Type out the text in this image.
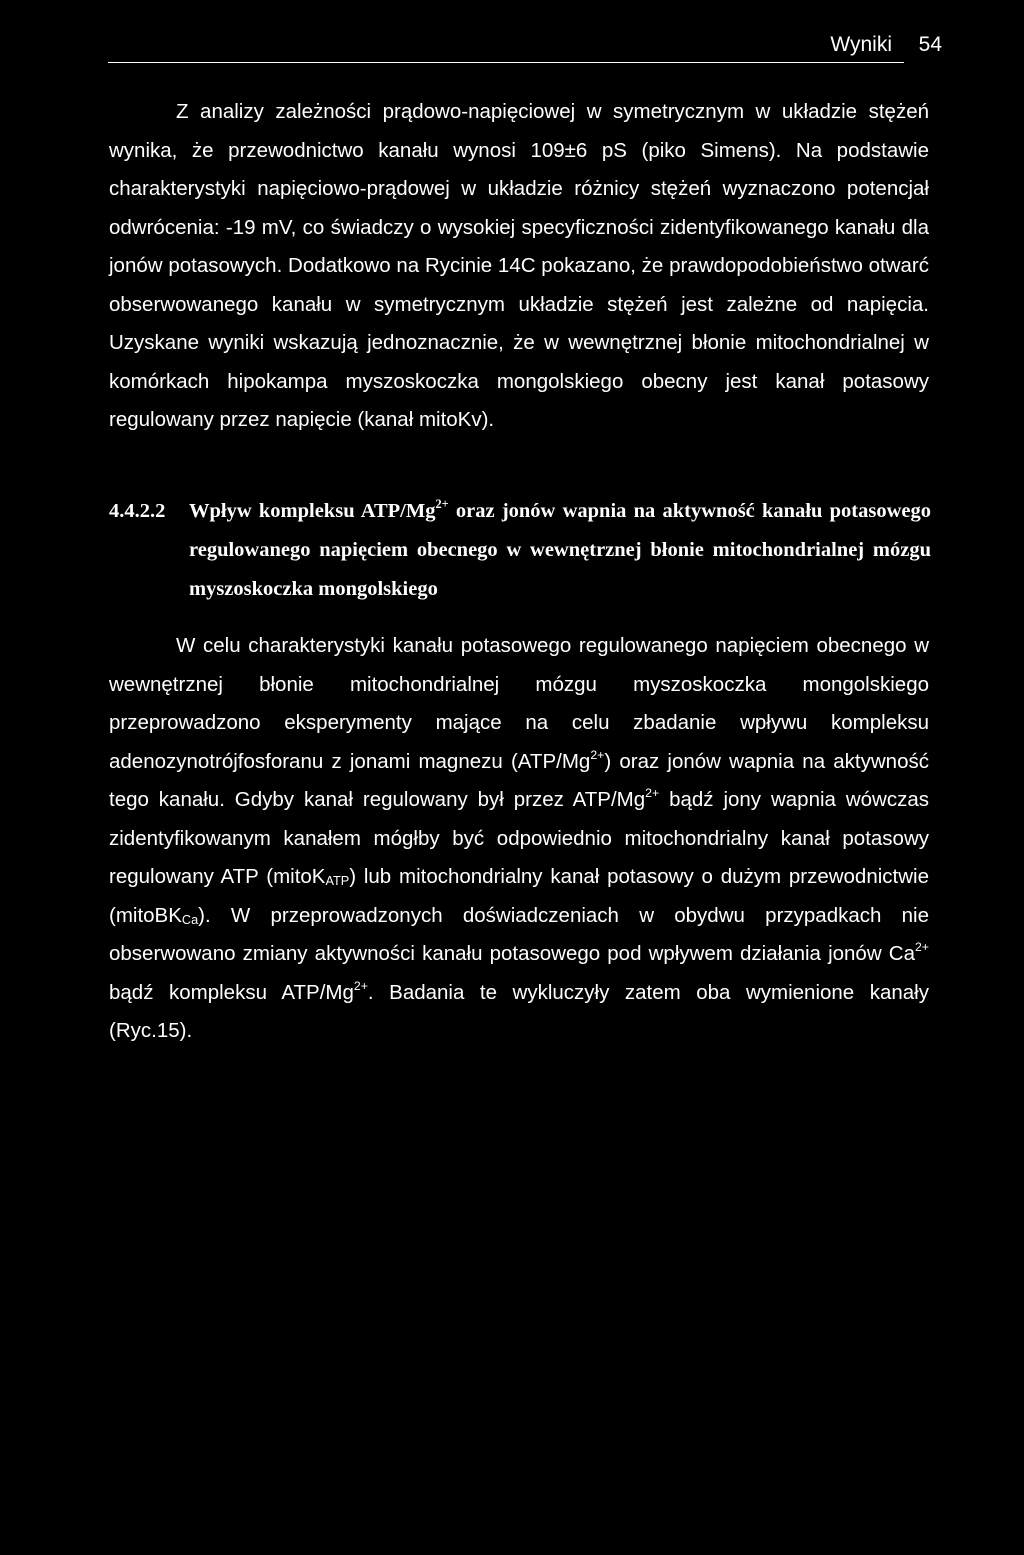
Wyniki 54

Z analizy zależności prądowo-napięciowej w symetrycznym w układzie stężeń wynika, że przewodnictwo kanału wynosi 109±6 pS (piko Simens). Na podstawie charakterystyki napięciowo-prądowej w układzie różnicy stężeń wyznaczono potencjał odwrócenia: -19 mV, co świadczy o wysokiej specyficzności zidentyfikowanego kanału dla jonów potasowych. Dodatkowo na Rycinie 14C pokazano, że prawdopodobieństwo otwarć obserwowanego kanału w symetrycznym układzie stężeń jest zależne od napięcia. Uzyskane wyniki wskazują jednoznacznie, że w wewnętrznej błonie mitochondrialnej w komórkach hipokampa myszoskoczka mongolskiego obecny jest kanał potasowy regulowany przez napięcie (kanał mitoKv).

4.4.2.2 Wpływ kompleksu ATP/$Mg^{2+}$ oraz jonów wapnia na aktywność kanału potasowego regulowanego napięciem obecnego w wewnętrznej błonie mitochondrialnej mózgu myszoskoczka mongolskiego

W celu charakterystyki kanału potasowego regulowanego napięciem obecnego w wewnętrznej błonie mitochondrialnej mózgu myszoskoczka mongolskiego przeprowadzono eksperymenty mające na celu zbadanie wpływu kompleksu adenozynotrójfosforanu z jonami magnezu $(ATP/Mg^{2+})$ oraz jonów wapnia na aktywność tego kanału. Gdyby kanał regulowany był przez ATP/$Mg^{2+}$ bądź jony wapnia wówczas zidentyfikowanym kanałem mógłby być odpowiednio mitochondrialny kanał potasowy regulowany ATP (mitoK$_{ATP}$) lub mitochondrialny kanał potasowy o dużym przewodnictwie (mitoBK$_{Ca}$). W przeprowadzonych doświadczeniach w obydwu przypadkach nie obserwowano zmiany aktywności kanału potasowego pod wpływem działania jonów $Ca^{2+}$ bądź kompleksu ATP/$Mg^{2+}$. Badania te wykluczyły zatem oba wymienione kanały (Ryc.15).
